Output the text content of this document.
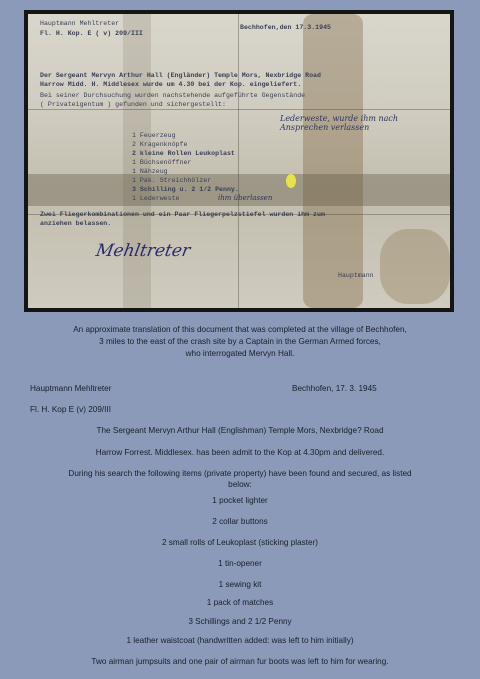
Hauptmann Mehltreter
Fl. H. Kop. E ( v) 209/III
Bechhofen,den 17.3.1945
Der Sergeant Mervyn Arthur Hall (Engländer) Temple Mors, Nexbridge Road
Harrow Midd. H. Middlesex wurde um 4.30 bei der Kop. eingeliefert.
Bei seiner Durchsuchung wurden nachstehende aufgeführte Gegenstände
( Privateigentum ) gefunden und sichergestellt:
1 Feuerzeug
2 Kragenknöpfe
2 kleine Rollen Leukoplast
1 Büchsenöffner
1 Nähzeug
1 Pak. Streichhölzer
3 Schilling u. 2 1/2 Penny.
1 Lederweste
Lederweste, wurde ihm nach Ansprechen verlassen
ihm überlassen
Zwei Fliegerkombinationen und ein Paar Fliegerpelzstiefel wurden ihm zum
anziehen belassen.
Mehltreter
Hauptmann
An approximate translation of this document that was completed at the village of Bechhofen,
3 miles to the east of the crash site by a Captain in the German Armed forces,
who interrogated Mervyn Hall.
Hauptmann Mehltreter	Bechhofen, 17. 3. 1945
Fl. H. Kop E (v) 209/III
The Sergeant Mervyn Arthur Hall (Englishman) Temple Mors, Nexbridge? Road
Harrow Forrest. Middlesex. has been admit to the Kop at 4.30pm and delivered.
During his search the following items (private property) have been found and secured, as listed
below:
1 pocket lighter
2 collar buttons
2 small rolls of Leukoplast (sticking plaster)
1 tin-opener
1 sewing kit
1 pack of matches
3 Schillings and 2 1/2 Penny
1 leather waistcoat (handwritten added: was left to him initially)
Two airman jumpsuits and one pair of airman fur boots was left to him for wearing.
